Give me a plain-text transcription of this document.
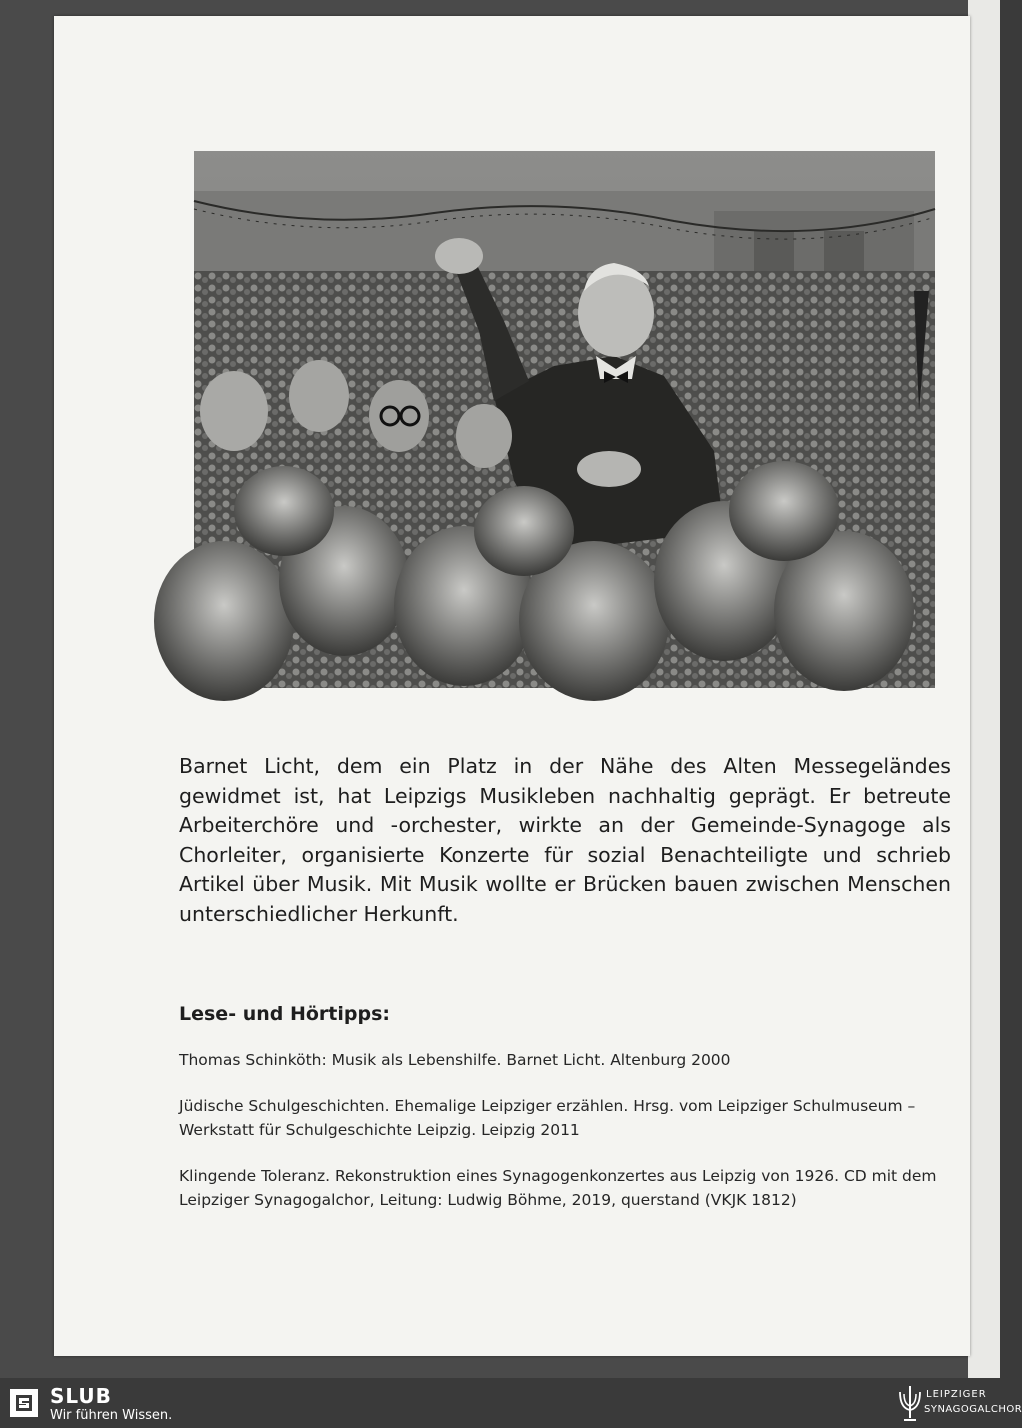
Barnet Licht, dem ein Platz in der Nähe des Alten Messegeländes gewidmet ist, hat Leipzigs Musikleben nachhaltig geprägt. Er betreute Arbeiterchöre und -orchester, wirkte an der Gemeinde-Synagoge als Chorleiter, organisierte Konzerte für sozial Benachteiligte und schrieb Artikel über Musik. Mit Musik wollte er Brücken bauen zwischen Menschen unterschiedlicher Herkunft.

Lese- und Hörtipps:

Thomas Schinköth: Musik als Lebenshilfe. Barnet Licht. Altenburg 2000

Jüdische Schulgeschichten. Ehemalige Leipziger erzählen. Hrsg. vom Leipziger Schulmuseum – Werkstatt für Schulgeschichte Leipzig. Leipzig 2011

Klingende Toleranz. Rekonstruktion eines Synagogenkonzertes aus Leipzig von 1926. CD mit dem Leipziger Synagogalchor, Leitung: Ludwig Böhme, 2019, querstand (VKJK 1812)

SLUB
Wir führen Wissen.
LEIPZIGER
SYNAGOGALCHOR
